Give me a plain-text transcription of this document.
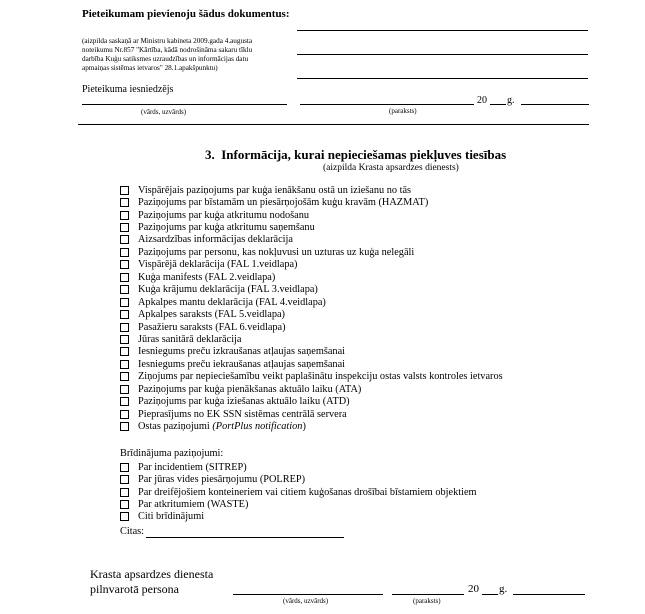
Pieteikumam pievienoju šādus dokumentus:
(aizpilda saskaņā ar Ministru kabineta 2009.gada 4.augusta
noteikumu Nr.857 "Kārtība, kādā nodrošināma sakaru tīklu
darbība Kuģu satiksmes uzraudzības un informācijas datu
apmaiņas sistēmas ietvaros" 28.1.apakšpunktu)
Pieteikuma iesniedzējs
(vārds, uzvārds)	(paraksts)
20 g.
3. Informācija, kurai nepieciešamas piekļuves tiesības
(aizpilda Krasta apsardzes dienests)
Vispārējais paziņojums par kuģa ienākšanu ostā un iziešanu no tās
Paziņojums par bīstamām un piesārņojošām kuģu kravām (HAZMAT)
Paziņojums par kuģa atkritumu nodošanu
Paziņojums par kuģa atkritumu saņemšanu
Aizsardzības informācijas deklarācija
Paziņojums par personu, kas nokļuvusi un uzturas uz kuģa nelegāli
Vispārējā deklarācija (FAL 1.veidlapa)
Kuģa manifests (FAL 2.veidlapa)
Kuģa krājumu deklarācija (FAL 3.veidlapa)
Apkalpes mantu deklarācija (FAL 4.veidlapa)
Apkalpes saraksts (FAL 5.veidlapa)
Pasažieru saraksts (FAL 6.veidlapa)
Jūras sanitārā deklarācija
Iesniegums preču izkraušanas atļaujas saņemšanai
Iesniegums preču iekraušanas atļaujas saņemšanai
Ziņojums par nepieciešamību veikt paplašinātu inspekciju ostas valsts kontroles ietvaros
Paziņojums par kuģa pienākšanas aktuālo laiku (ATA)
Paziņojums par kuģa iziešanas aktuālo laiku (ATD)
Pieprasījums no EK SSN sistēmas centrālā servera
Ostas paziņojumi (PortPlus notification)
Brīdinājuma paziņojumi:
Par incidentiem (SITREP)
Par jūras vides piesārņojumu (POLREP)
Par dreifējošiem konteineriem vai citiem kuģošanas drošībai bīstamiem objektiem
Par atkritumiem (WASTE)
Citi brīdinājumi
Citas:
Krasta apsardzes dienesta
pilnvarotā persona
(vārds, uzvārds)	(paraksts)
20 g.
